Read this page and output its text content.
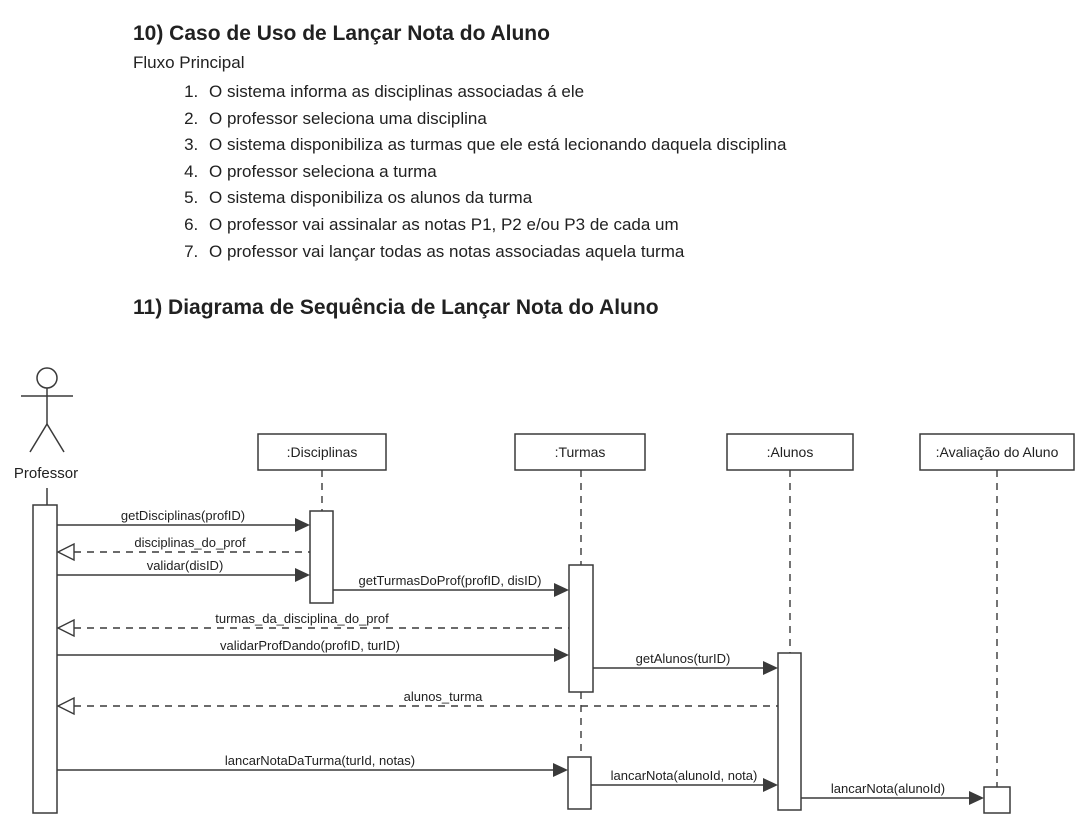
10) Caso de Uso de Lançar Nota do Aluno

Fluxo Principal

1. O sistema informa as disciplinas associadas á ele
2. O professor seleciona uma disciplina
3. O sistema disponibiliza as turmas que ele está lecionando daquela disciplina
4. O professor seleciona a turma
5. O sistema disponibiliza os alunos da turma
6. O professor vai assinalar as notas P1, P2 e/ou P3 de cada um
7. O professor vai lançar todas as notas associadas aquela turma
11) Diagrama de Sequência de Lançar Nota do Aluno
Professor
:Disciplinas	:Turmas	:Alunos	:Avaliação do Aluno
getDisciplinas(profID)
disciplinas_do_prof
validar(disID)
getTurmasDoProf(profID, disID)
turmas_da_disciplina_do_prof
validarProfDando(profID, turID)
getAlunos(turID)
alunos_turma
lancarNotaDaTurma(turId, notas)
lancarNota(alunoId, nota)
lancarNota(alunoId)
